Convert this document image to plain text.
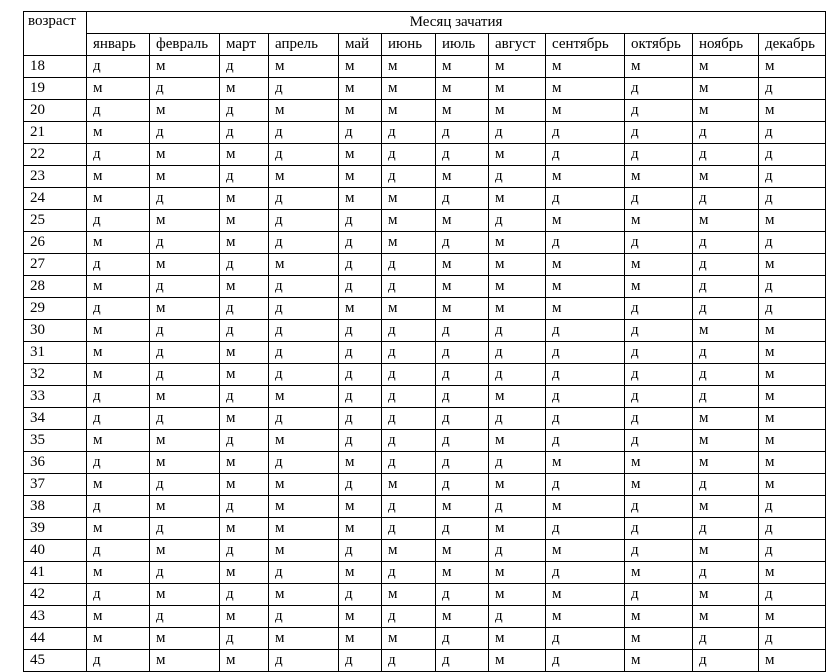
возраст	Месяц зачатия											
	январь	февраль	март	апрель	май	июнь	июль	август	сентябрь	октябрь	ноябрь	декабрь
18	д	м	д	м	м	м	м	м	м	м	м	м
19	м	д	м	д	м	м	м	м	м	д	м	д
20	д	м	д	м	м	м	м	м	м	д	м	м
21	м	д	д	д	д	д	д	д	д	д	д	д
22	д	м	м	д	м	д	д	м	д	д	д	д
23	м	м	д	м	м	д	м	д	м	м	м	д
24	м	д	м	д	м	м	д	м	д	д	д	д
25	д	м	м	д	д	м	м	д	м	м	м	м
26	м	д	м	д	д	м	д	м	д	д	д	д
27	д	м	д	м	д	д	м	м	м	м	д	м
28	м	д	м	д	д	д	м	м	м	м	д	д
29	д	м	д	д	м	м	м	м	м	д	д	д
30	м	д	д	д	д	д	д	д	д	д	м	м
31	м	д	м	д	д	д	д	д	д	д	д	м
32	м	д	м	д	д	д	д	д	д	д	д	м
33	д	м	д	м	д	д	д	м	д	д	д	м
34	д	д	м	д	д	д	д	д	д	д	м	м
35	м	м	д	м	д	д	д	м	д	д	м	м
36	д	м	м	д	м	д	д	д	м	м	м	м
37	м	д	м	м	д	м	д	м	д	м	д	м
38	д	м	д	м	м	д	м	д	м	д	м	д
39	м	д	м	м	м	д	д	м	д	д	д	д
40	д	м	д	м	д	м	м	д	м	д	м	д
41	м	д	м	д	м	д	м	м	д	м	д	м
42	д	м	д	м	д	м	д	м	м	д	м	д
43	м	д	м	д	м	д	м	д	м	м	м	м
44	м	м	д	м	м	м	д	м	д	м	д	д
45	д	м	м	д	д	д	д	м	д	м	д	м
